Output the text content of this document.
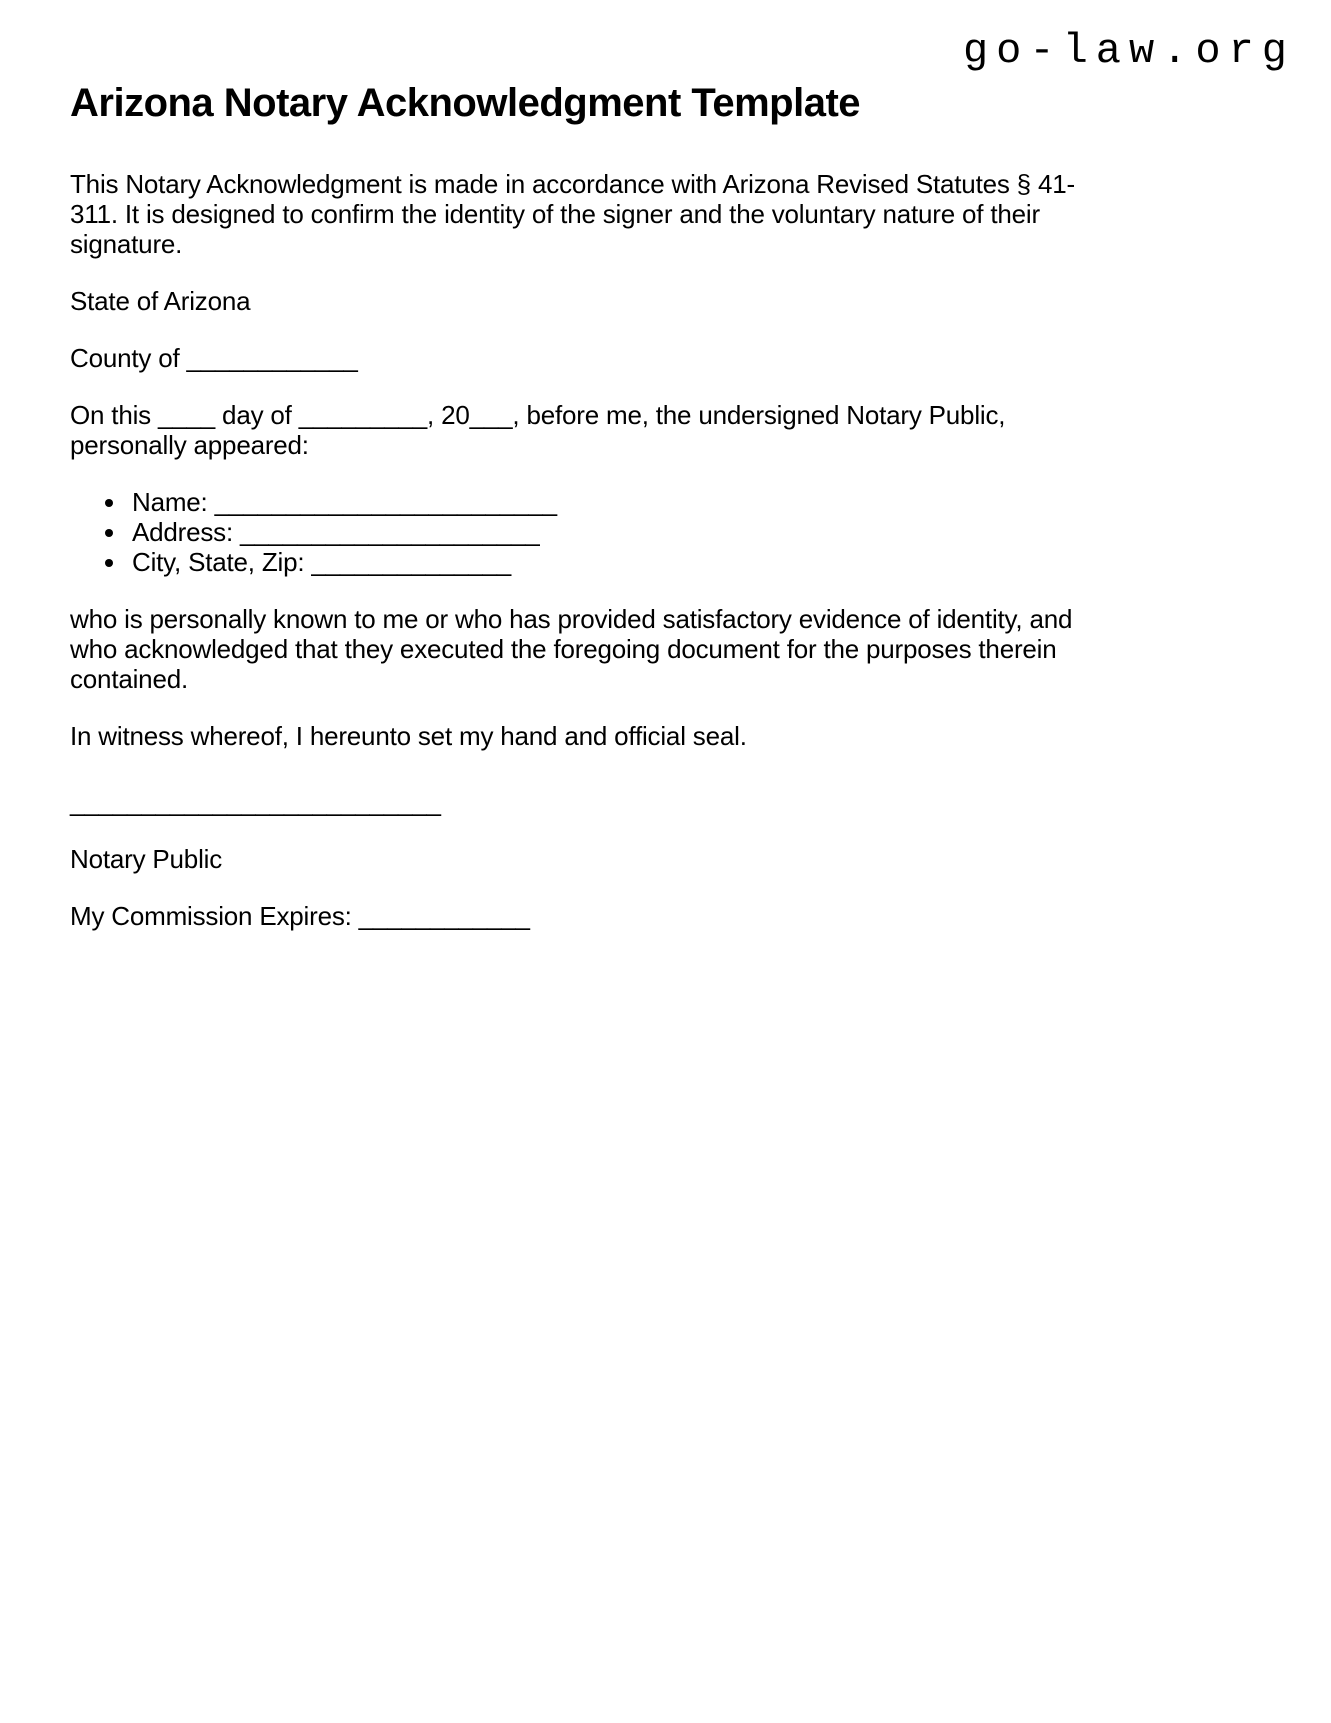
go-law.org
Arizona Notary Acknowledgment Template
This Notary Acknowledgment is made in accordance with Arizona Revised Statutes § 41-
311. It is designed to confirm the identity of the signer and the voluntary nature of their
signature.
State of Arizona
County of ____________
On this ____ day of _________, 20___, before me, the undersigned Notary Public,
personally appeared:
• Name: ________________________
• Address: _____________________
• City, State, Zip: ______________
who is personally known to me or who has provided satisfactory evidence of identity, and
who acknowledged that they executed the foregoing document for the purposes therein
contained.
In witness whereof, I hereunto set my hand and official seal.
__________________________
Notary Public
My Commission Expires: ____________
